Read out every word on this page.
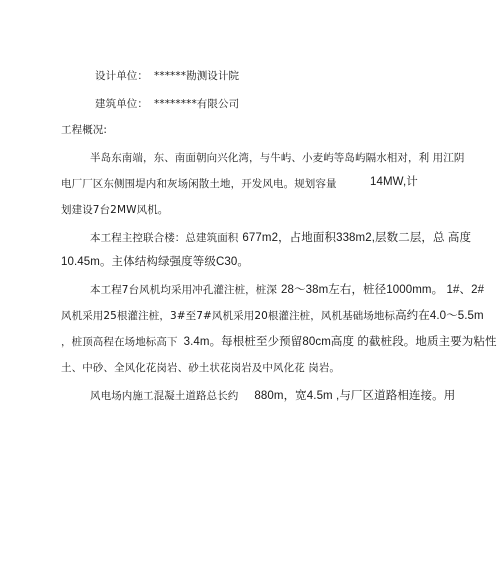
设计单位： ******勘测设计院
建筑单位： ********有限公司
工程概况:
半岛东南端，东、南面朝向兴化湾，与牛屿、小麦屿等岛屿隔水相对，利 用江阴
电厂厂区东侧围堤内和灰场闲散土地，开发风电。规划容量	14MW,计
划建设7台2MW风机。
本工程主控联合楼：总建筑面积 677m2，占地面积338m2,层数二层，总 高度
10.45m。主体结构绿强度等级C30。
本工程7台风机均采用冲孔灌注桩，桩深 28〜38m左右，桩径1000mm。 1#、2#
风机采用25根灌注桩，3#至7#风机采用20根灌注桩，风机基础场地标高约在4.0〜5.5m
，桩顶高程在场地标高下 3.4m。每根桩至少预留80cm高度 的截桩段。地质主要为粘性
土、中砂、全风化花岗岩、砂土状花岗岩及中风化花 岗岩。
风电场内施工混凝土道路总长约 880m，宽4.5m ,与厂区道路相连接。用
